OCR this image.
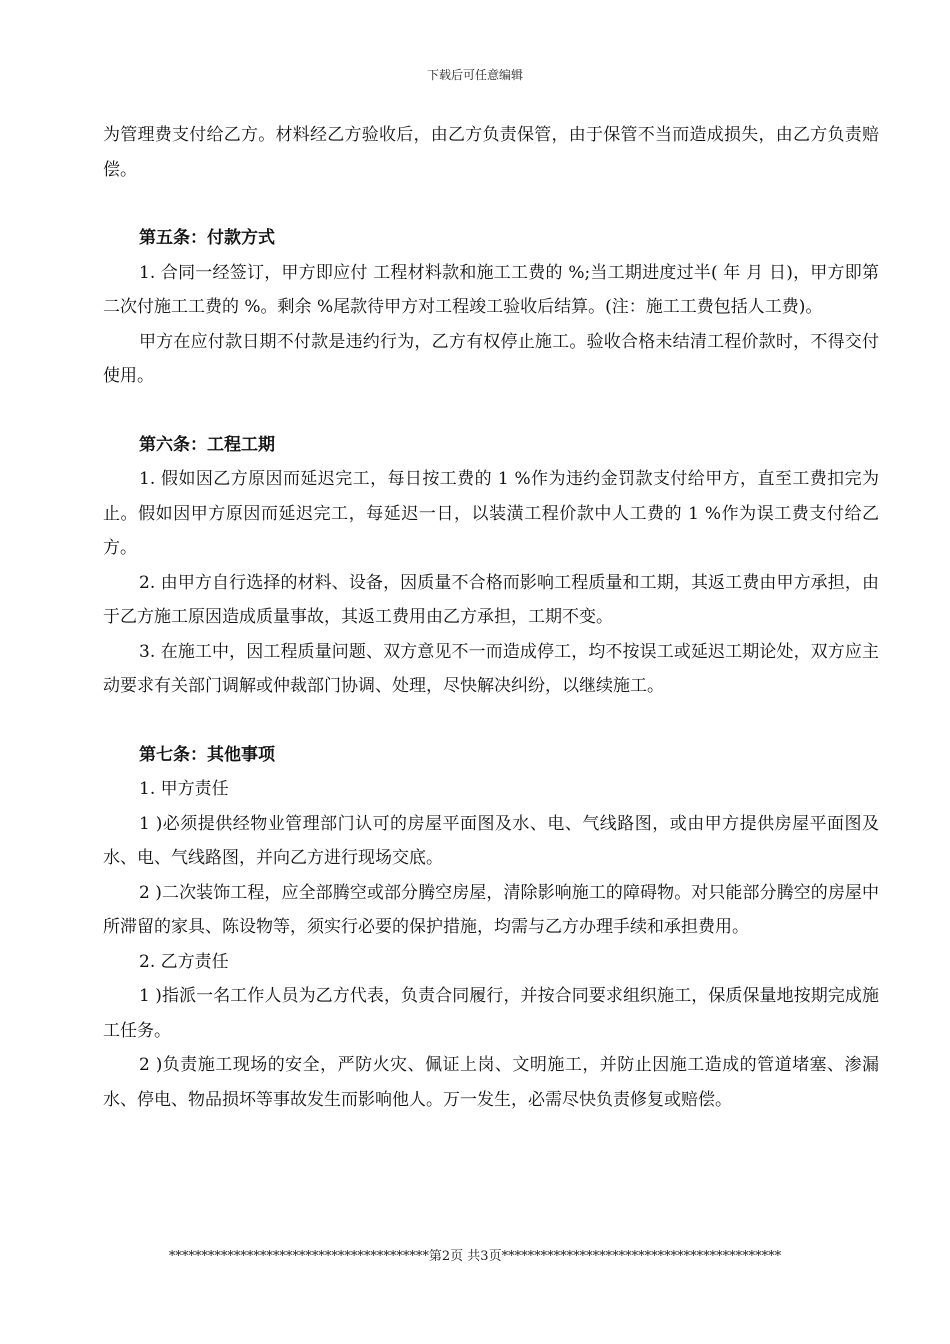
下载后可任意编辑

为管理费支付给乙方。材料经乙方验收后，由乙方负责保管，由于保管不当而造成损失，由乙方负责赔偿。

第五条：付款方式

1. 合同一经签订，甲方即应付 工程材料款和施工工费的 %;当工期进度过半( 年 月 日)，甲方即第二次付施工工费的 %。剩余 %尾款待甲方对工程竣工验收后结算。(注：施工工费包括人工费)。

甲方在应付款日期不付款是违约行为，乙方有权停止施工。验收合格未结清工程价款时，不得交付使用。

第六条：工程工期

1. 假如因乙方原因而延迟完工，每日按工费的 1 %作为违约金罚款支付给甲方，直至工费扣完为止。假如因甲方原因而延迟完工，每延迟一日，以装潢工程价款中人工费的 1 %作为误工费支付给乙方。

2. 由甲方自行选择的材料、设备，因质量不合格而影响工程质量和工期，其返工费由甲方承担，由于乙方施工原因造成质量事故，其返工费用由乙方承担，工期不变。

3. 在施工中，因工程质量问题、双方意见不一而造成停工，均不按误工或延迟工期论处，双方应主动要求有关部门调解或仲裁部门协调、处理，尽快解决纠纷，以继续施工。

第七条：其他事项

1. 甲方责任

1 )必须提供经物业管理部门认可的房屋平面图及水、电、气线路图，或由甲方提供房屋平面图及水、电、气线路图，并向乙方进行现场交底。

2 )二次装饰工程，应全部腾空或部分腾空房屋，清除影响施工的障碍物。对只能部分腾空的房屋中所滞留的家具、陈设物等，须实行必要的保护措施，均需与乙方办理手续和承担费用。

2. 乙方责任

1 )指派一名工作人员为乙方代表，负责合同履行，并按合同要求组织施工，保质保量地按期完成施工任务。

2 )负责施工现场的安全，严防火灾、佩证上岗、文明施工，并防止因施工造成的管道堵塞、渗漏水、停电、物品损坏等事故发生而影响他人。万一发生，必需尽快负责修复或赔偿。

****************************************第2页 共3页*******************************************
